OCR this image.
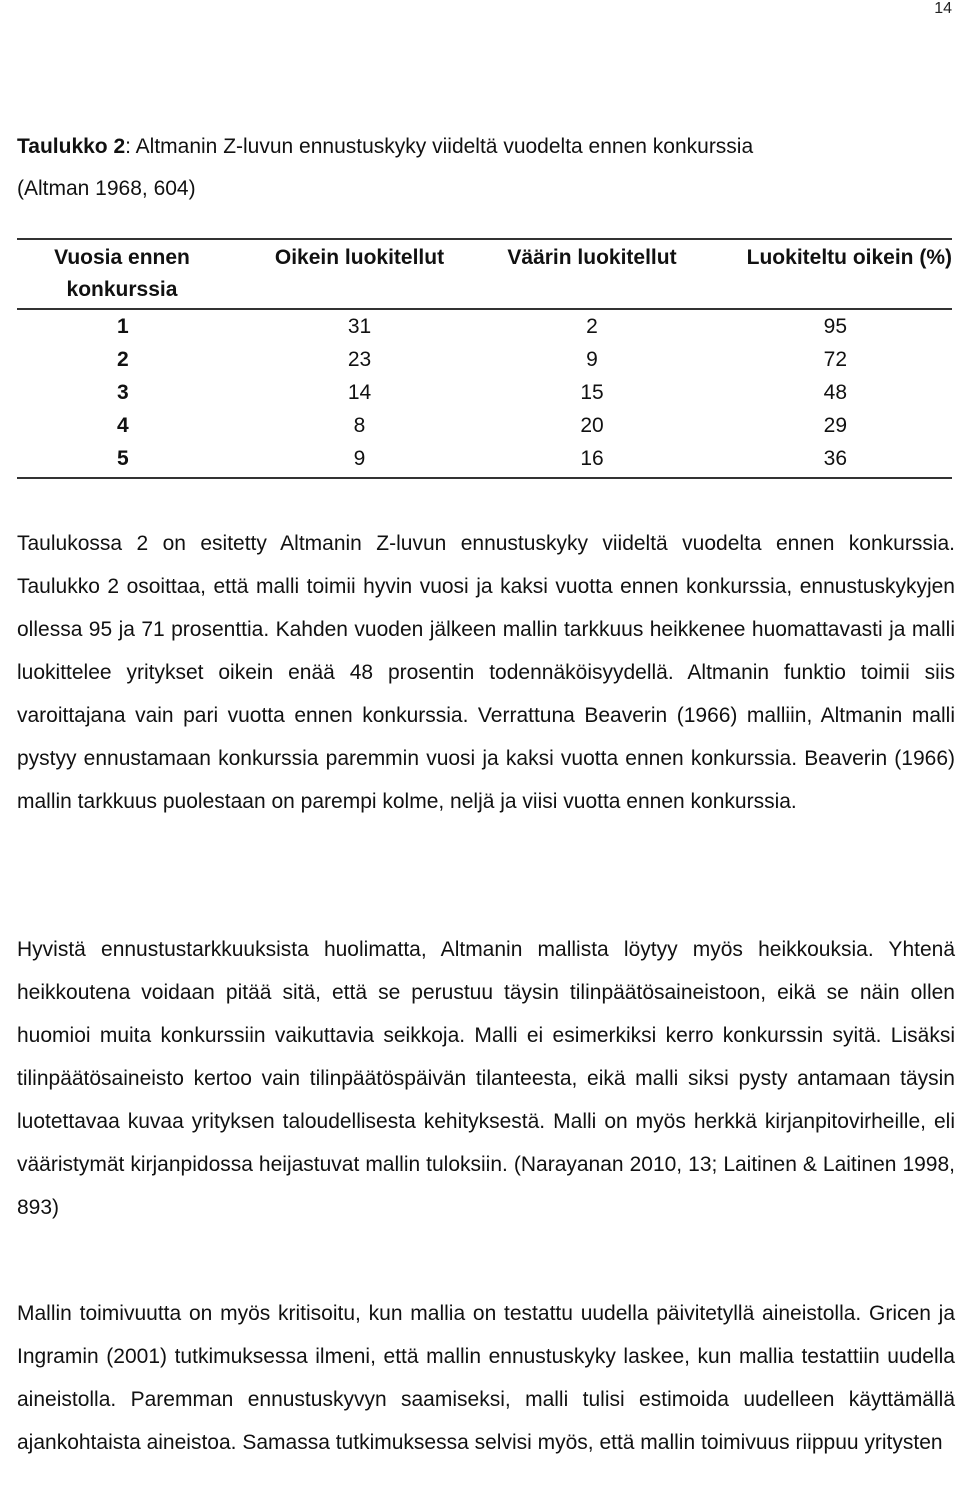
14
Taulukko 2: Altmanin Z-luvun ennustuskyky viideltä vuodelta ennen konkurssia
(Altman 1968, 604)
Vuosia ennen konkurssia	Oikein luokitellut	Väärin luokitellut	Luokiteltu oikein (%)
1	31	2	95
2	23	9	72
3	14	15	48
4	8	20	29
5	9	16	36
Taulukossa 2 on esitetty Altmanin Z-luvun ennustuskyky viideltä vuodelta ennen konkurssia. Taulukko 2 osoittaa, että malli toimii hyvin vuosi ja kaksi vuotta ennen konkurssia, ennustuskykyjen ollessa 95 ja 71 prosenttia. Kahden vuoden jälkeen mallin tarkkuus heikkenee huomattavasti ja malli luokittelee yritykset oikein enää 48 prosentin todennäköisyydellä. Altmanin funktio toimii siis varoittajana vain pari vuotta ennen konkurssia. Verrattuna Beaverin (1966) malliin, Altmanin malli pystyy ennustamaan konkurssia paremmin vuosi ja kaksi vuotta ennen konkurssia. Beaverin (1966) mallin tarkkuus puolestaan on parempi kolme, neljä ja viisi vuotta ennen konkurssia.
Hyvistä ennustustarkkuuksista huolimatta, Altmanin mallista löytyy myös heikkouksia. Yhtenä heikkoutena voidaan pitää sitä, että se perustuu täysin tilinpäätösaineistoon, eikä se näin ollen huomioi muita konkurssiin vaikuttavia seikkoja. Malli ei esimerkiksi kerro konkurssin syitä. Lisäksi tilinpäätösaineisto kertoo vain tilinpäätöspäivän tilanteesta, eikä malli siksi pysty antamaan täysin luotettavaa kuvaa yrityksen taloudellisesta kehityksestä. Malli on myös herkkä kirjanpitovirheille, eli vääristymät kirjanpidossa heijastuvat mallin tuloksiin. (Narayanan 2010, 13; Laitinen & Laitinen 1998, 893)
Mallin toimivuutta on myös kritisoitu, kun mallia on testattu uudella päivitetyllä aineistolla. Gricen ja Ingramin (2001) tutkimuksessa ilmeni, että mallin ennustuskyky laskee, kun mallia testattiin uudella aineistolla. Paremman ennustuskyvyn saamiseksi, malli tulisi estimoida uudelleen käyttämällä ajankohtaista aineistoa. Samassa tutkimuksessa selvisi myös, että mallin toimivuus riippuu yritysten
